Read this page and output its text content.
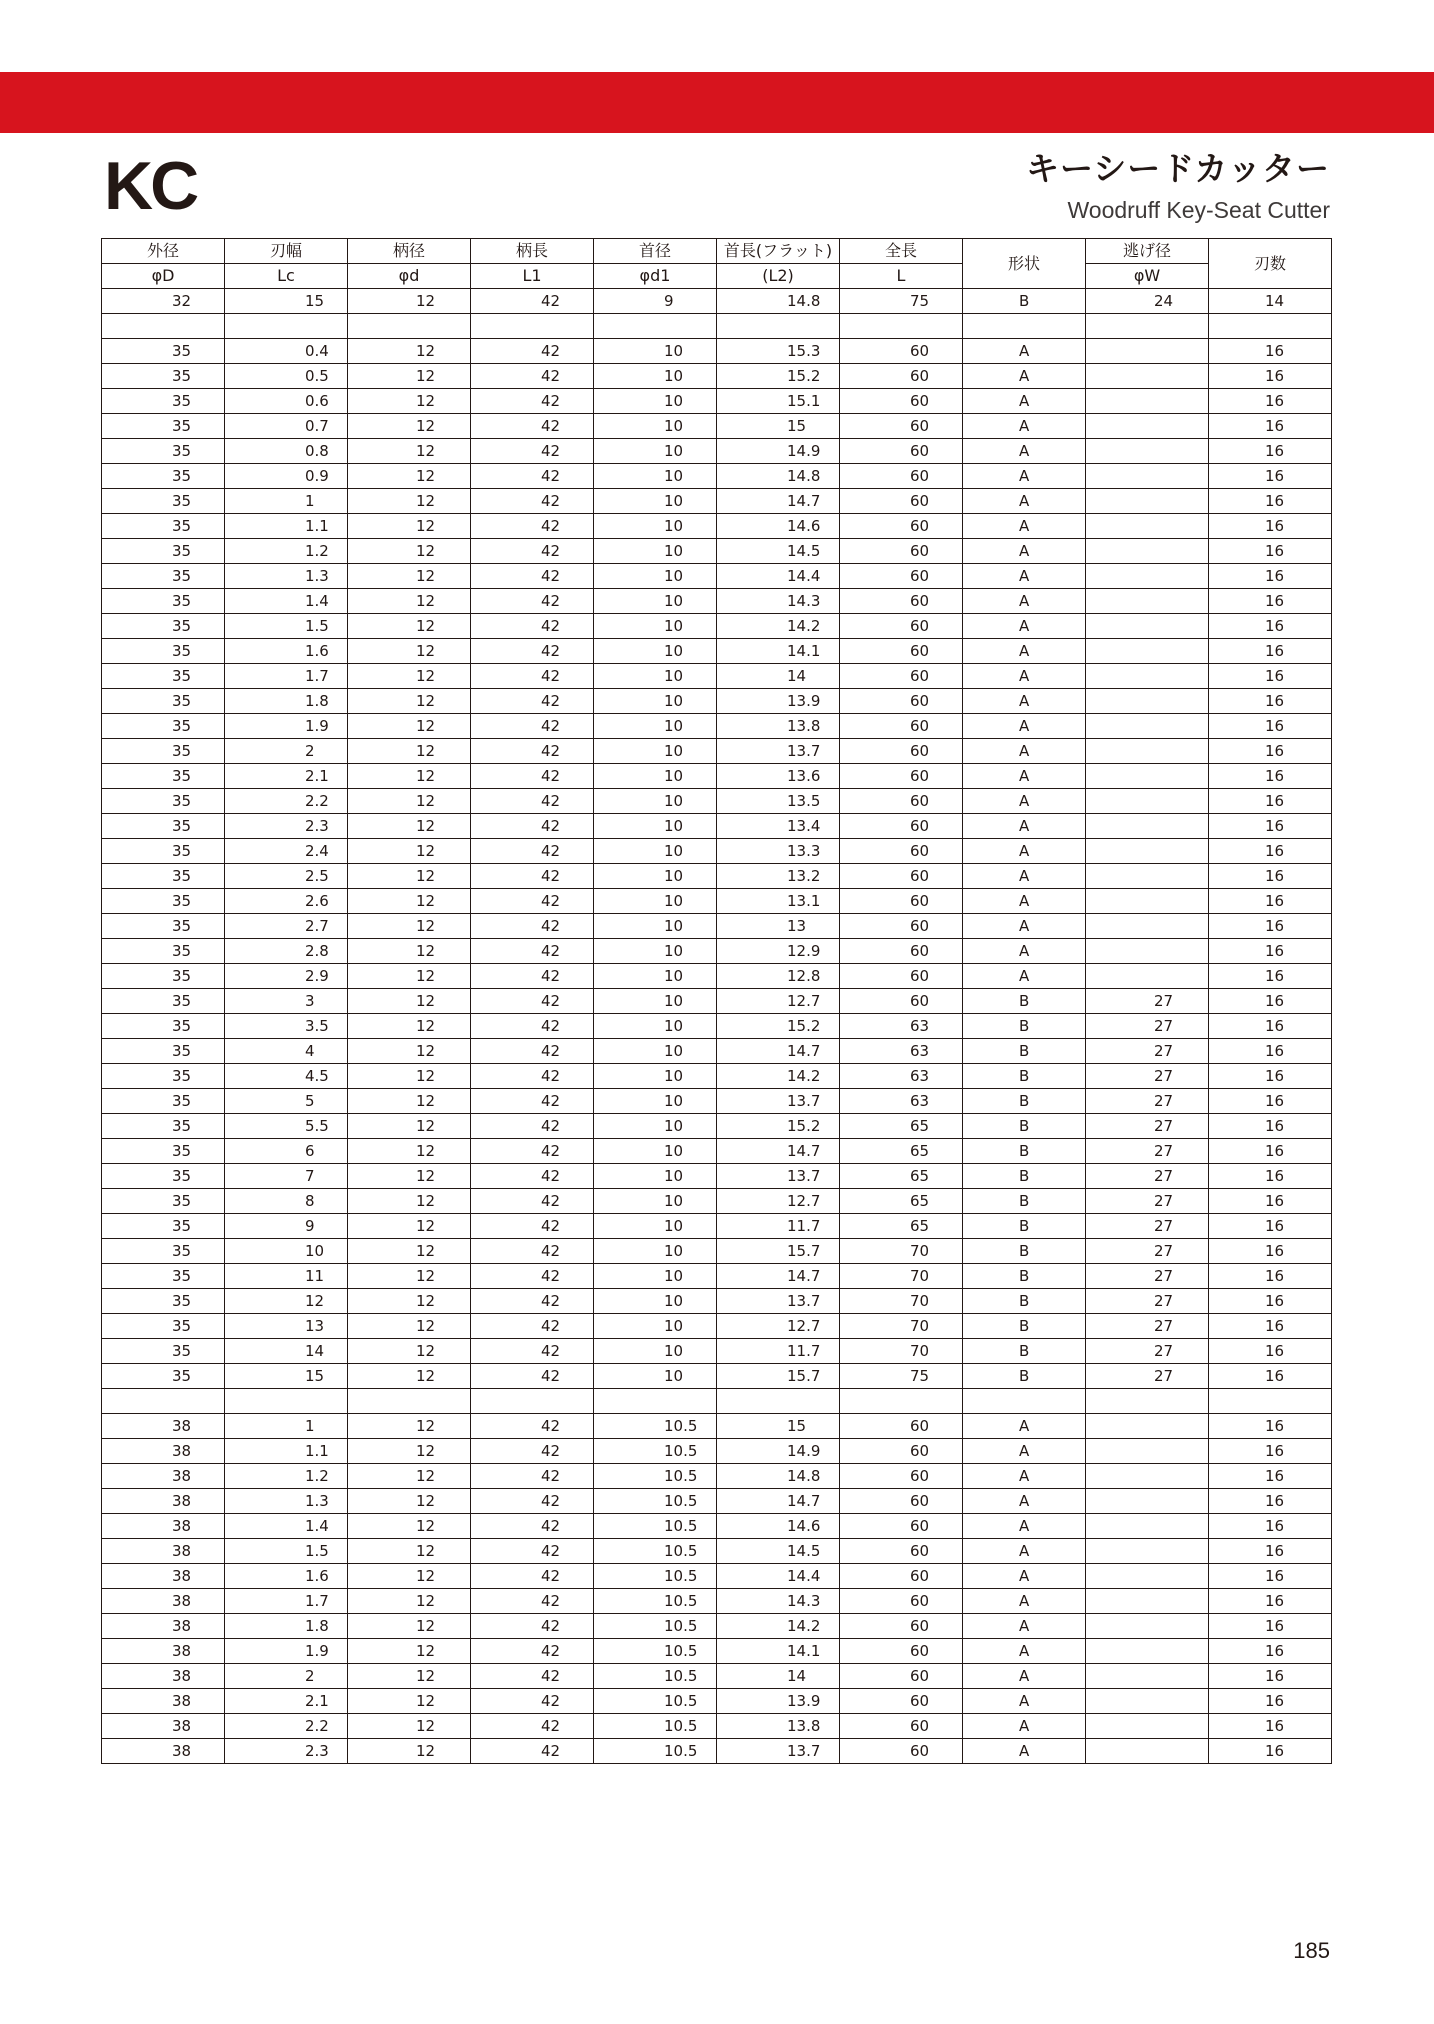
KC	キーシードカッター
Woodruff Key-Seat Cutter
外径	刃幅	柄径	柄長	首径	首長(フラット)	全長	形状	逃げ径	刃数
φD	Lc	φd	L1	φd1	(L2)	L		φW	
32	15	12	42	9	14.8	75	B	24	14

35	0.4	12	42	10	15.3	60	A		16
35	0.5	12	42	10	15.2	60	A		16
35	0.6	12	42	10	15.1	60	A		16
35	0.7	12	42	10	15	60	A		16
35	0.8	12	42	10	14.9	60	A		16
35	0.9	12	42	10	14.8	60	A		16
35	1	12	42	10	14.7	60	A		16
35	1.1	12	42	10	14.6	60	A		16
35	1.2	12	42	10	14.5	60	A		16
35	1.3	12	42	10	14.4	60	A		16
35	1.4	12	42	10	14.3	60	A		16
35	1.5	12	42	10	14.2	60	A		16
35	1.6	12	42	10	14.1	60	A		16
35	1.7	12	42	10	14	60	A		16
35	1.8	12	42	10	13.9	60	A		16
35	1.9	12	42	10	13.8	60	A		16
35	2	12	42	10	13.7	60	A		16
35	2.1	12	42	10	13.6	60	A		16
35	2.2	12	42	10	13.5	60	A		16
35	2.3	12	42	10	13.4	60	A		16
35	2.4	12	42	10	13.3	60	A		16
35	2.5	12	42	10	13.2	60	A		16
35	2.6	12	42	10	13.1	60	A		16
35	2.7	12	42	10	13	60	A		16
35	2.8	12	42	10	12.9	60	A		16
35	2.9	12	42	10	12.8	60	A		16
35	3	12	42	10	12.7	60	B	27	16
35	3.5	12	42	10	15.2	63	B	27	16
35	4	12	42	10	14.7	63	B	27	16
35	4.5	12	42	10	14.2	63	B	27	16
35	5	12	42	10	13.7	63	B	27	16
35	5.5	12	42	10	15.2	65	B	27	16
35	6	12	42	10	14.7	65	B	27	16
35	7	12	42	10	13.7	65	B	27	16
35	8	12	42	10	12.7	65	B	27	16
35	9	12	42	10	11.7	65	B	27	16
35	10	12	42	10	15.7	70	B	27	16
35	11	12	42	10	14.7	70	B	27	16
35	12	12	42	10	13.7	70	B	27	16
35	13	12	42	10	12.7	70	B	27	16
35	14	12	42	10	11.7	70	B	27	16
35	15	12	42	10	15.7	75	B	27	16

38	1	12	42	10.5	15	60	A		16
38	1.1	12	42	10.5	14.9	60	A		16
38	1.2	12	42	10.5	14.8	60	A		16
38	1.3	12	42	10.5	14.7	60	A		16
38	1.4	12	42	10.5	14.6	60	A		16
38	1.5	12	42	10.5	14.5	60	A		16
38	1.6	12	42	10.5	14.4	60	A		16
38	1.7	12	42	10.5	14.3	60	A		16
38	1.8	12	42	10.5	14.2	60	A		16
38	1.9	12	42	10.5	14.1	60	A		16
38	2	12	42	10.5	14	60	A		16
38	2.1	12	42	10.5	13.9	60	A		16
38	2.2	12	42	10.5	13.8	60	A		16
38	2.3	12	42	10.5	13.7	60	A		16
185
